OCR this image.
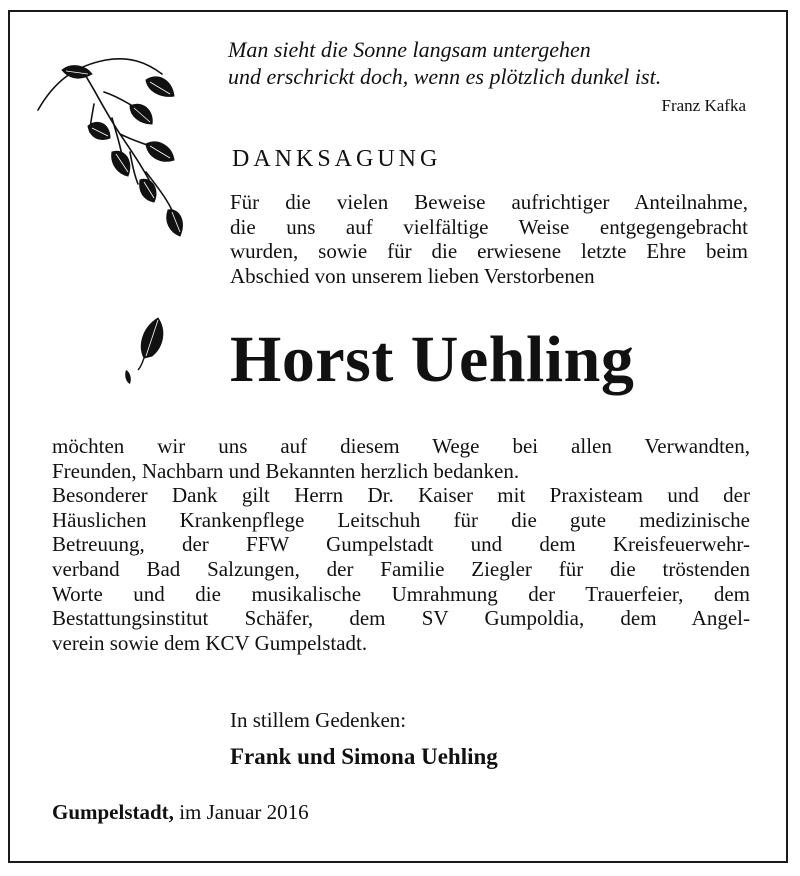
Man sieht die Sonne langsam untergehen
und erschrickt doch, wenn es plötzlich dunkel ist.
Franz Kafka
DANKSAGUNG
Für die vielen Beweise aufrichtiger Anteilnahme,
die uns auf vielfältige Weise entgegengebracht
wurden, sowie für die erwiesene letzte Ehre beim
Abschied von unserem lieben Verstorbenen
Horst Uehling
möchten wir uns auf diesem Wege bei allen Verwandten,
Freunden, Nachbarn und Bekannten herzlich bedanken.
Besonderer Dank gilt Herrn Dr. Kaiser mit Praxisteam und der
Häuslichen Krankenpflege Leitschuh für die gute medizinische
Betreuung, der FFW Gumpelstadt und dem Kreisfeuerwehr-
verband Bad Salzungen, der Familie Ziegler für die tröstenden
Worte und die musikalische Umrahmung der Trauerfeier, dem
Bestattungsinstitut Schäfer, dem SV Gumpoldia, dem Angel-
verein sowie dem KCV Gumpelstadt.
In stillem Gedenken:
Frank und Simona Uehling
Gumpelstadt, im Januar 2016
